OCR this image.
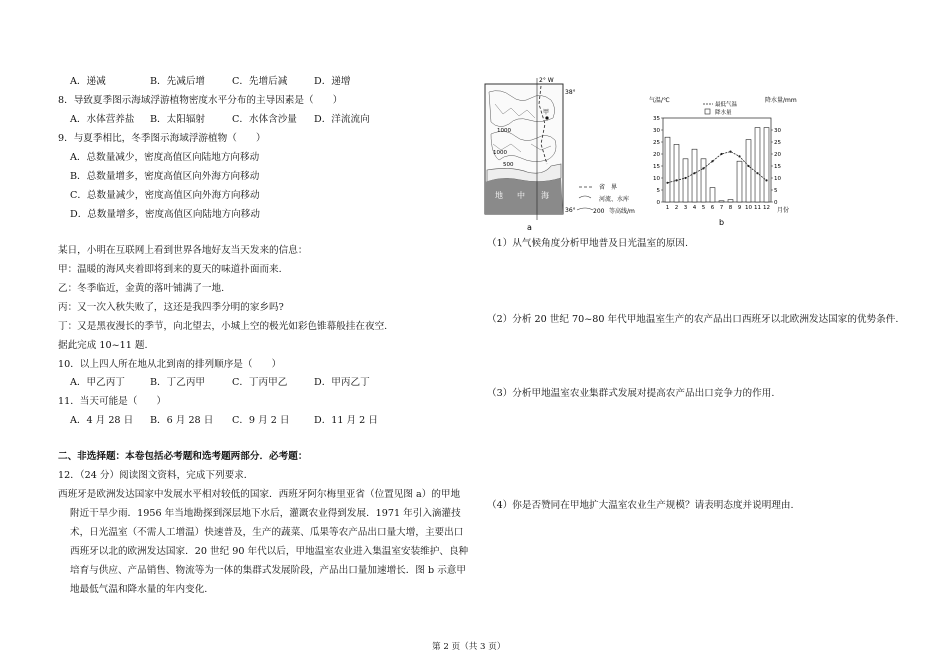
A．递减	B．先减后增	C．先增后减	D．递增
8．导致夏季图示海域浮游植物密度水平分布的主导因素是（　　）
A．水体营养盐 B．太阳辐射	C．水体含沙量 D．洋流流向
9．与夏季相比，冬季图示海域浮游植物（　　）
A．总数量减少，密度高值区向陆地方向移动
B．总数量增多，密度高值区向外海方向移动
C．总数量减少，密度高值区向外海方向移动
D．总数量增多，密度高值区向陆地方向移动
某日，小明在互联网上看到世界各地好友当天发来的信息：
甲：温暖的海风夹着即将到来的夏天的味道扑面而来.
乙：冬季临近，金黄的落叶铺满了一地.
丙：又一次入秋失败了，这还是我四季分明的家乡吗?
丁：又是黑夜漫长的季节，向北望去，小城上空的极光如彩色锥幕般挂在夜空.
据此完成 10~11 题.
10．以上四人所在地从北到南的排列顺序是（　　）
A．甲乙丙丁	B．丁乙丙甲	C．丁丙甲乙	D．甲丙乙丁
11．当天可能是（　　）
A．4 月 28 日 B．6 月 28 日 C．9 月 2 日	D．11 月 2 日
二、非选择题：本卷包括必考题和选考题两部分．必考题：
12．（24 分）阅读图文资料，完成下列要求．
西班牙是欧洲发达国家中发展水平相对较低的国家．西班牙阿尔梅里亚省（位置见图 a）的甲地
附近干旱少雨．1956 年当地勘探到深层地下水后，灌溉农业得到发展．1971 年引入滴灌技
术，日光温室（不需人工增温）快速普及，生产的蔬菜、瓜果等农产品出口量大增，主要出口
西班牙以北的欧洲发达国家．20 世纪 90 年代以后，甲地温室农业进入集温室安装维护、良种
培育与供应、产品销售、物流等为一体的集群式发展阶段，产品出口量加速增长．图 b 示意甲
地最低气温和降水量的年内变化.
2° W
38°
36°
1000
1000
500
甲
地 中 海
a
省　界
河流、水库
200 等高线/m
气温/℃	降水量/mm
月份
b
最低气温
降水量
35
30
25
20
15
10
5
0
30
25
20
15
10
5
0
1 2 3 4 5 6 7 8 9 10 11 12
（1）从气候角度分析甲地普及日光温室的原因.
（2）分析 20 世纪 70~80 年代甲地温室生产的农产品出口西班牙以北欧洲发达国家的优势条件.
（3）分析甲地温室农业集群式发展对提高农产品出口竞争力的作用.
（4）你是否赞同在甲地扩大温室农业生产规模？请表明态度并说明理由.
第 2 页（共 3 页）
